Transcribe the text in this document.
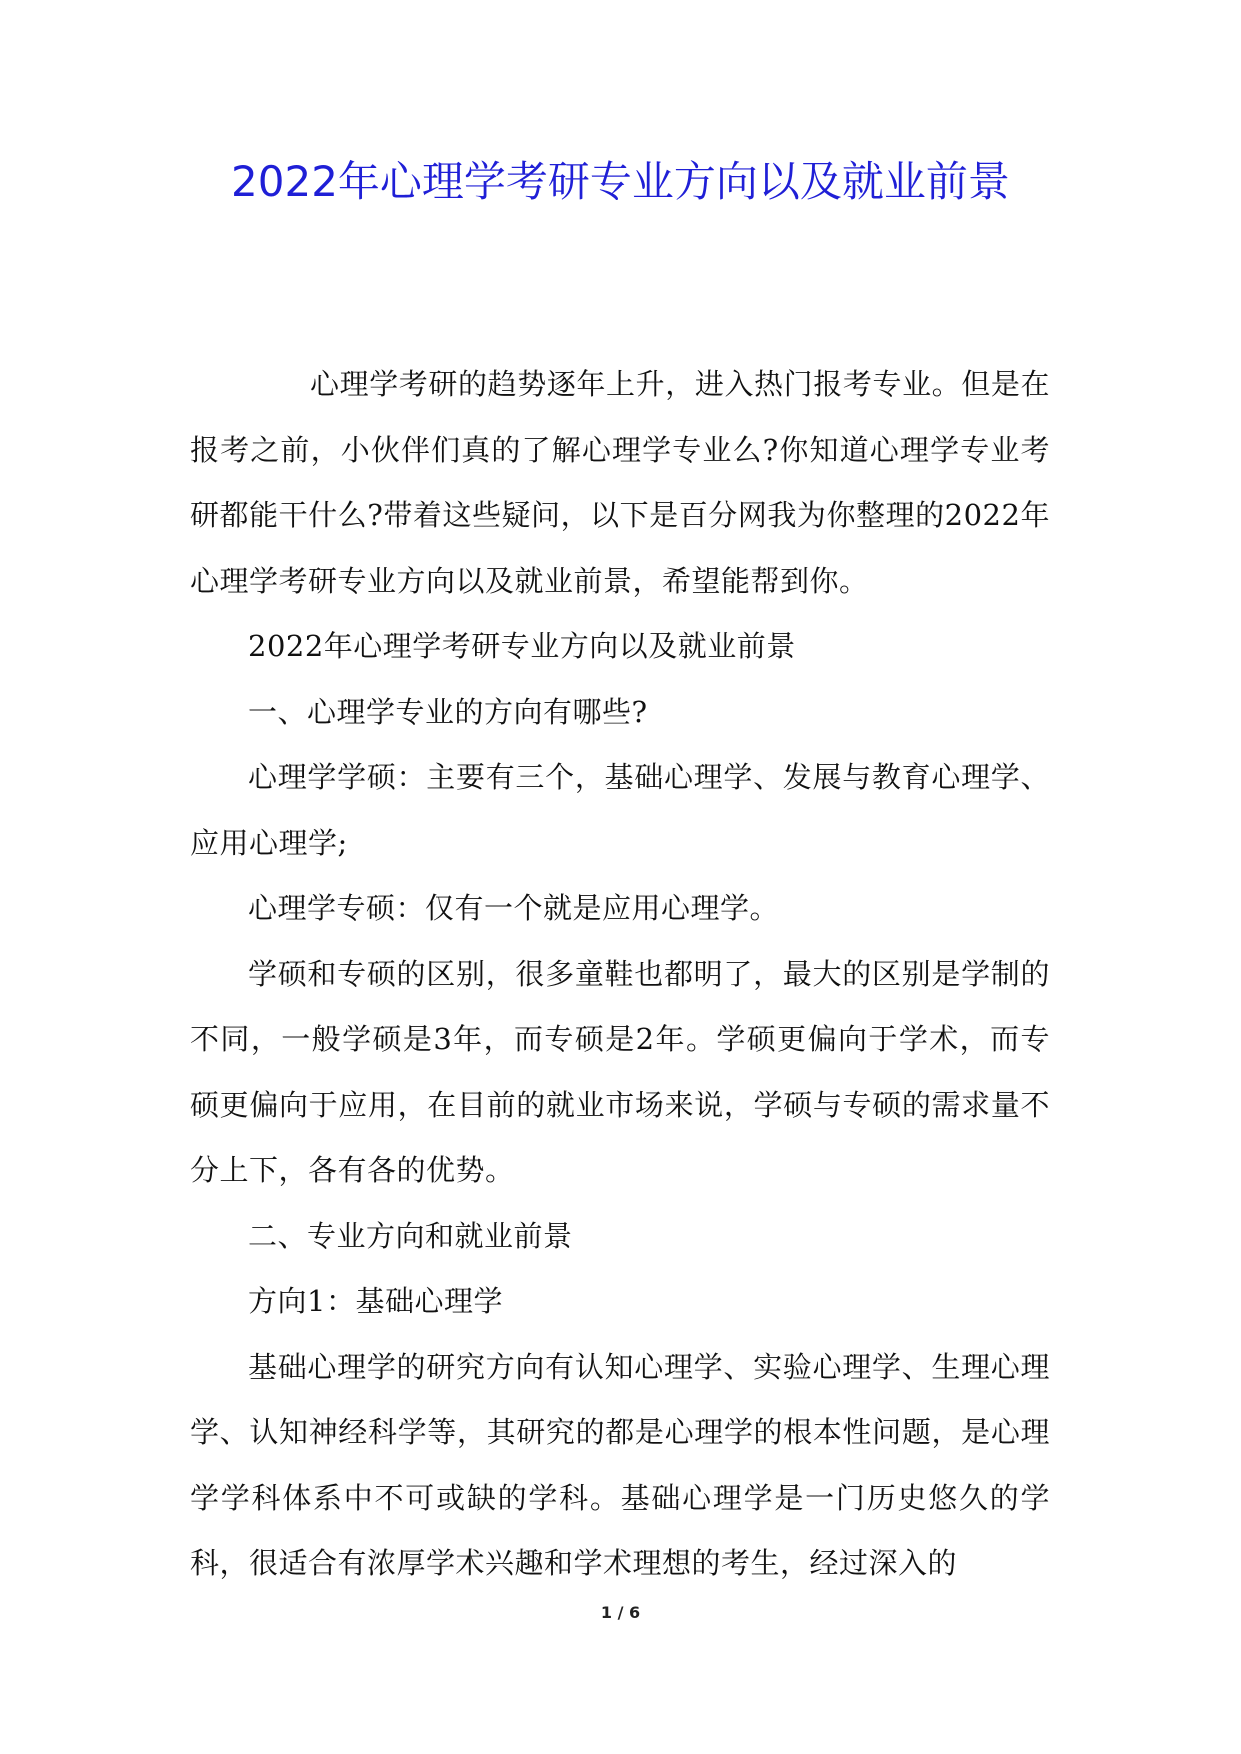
2022年心理学考研专业方向以及就业前景

心理学考研的趋势逐年上升，进入热门报考专业。但是在报考之前，小伙伴们真的了解心理学专业么?你知道心理学专业考研都能干什么?带着这些疑问，以下是百分网我为你整理的2022年心理学考研专业方向以及就业前景，希望能帮到你。

2022年心理学考研专业方向以及就业前景

一、心理学专业的方向有哪些?

心理学学硕：主要有三个，基础心理学、发展与教育心理学、应用心理学;

心理学专硕：仅有一个就是应用心理学。

学硕和专硕的区别，很多童鞋也都明了，最大的区别是学制的不同，一般学硕是3年，而专硕是2年。学硕更偏向于学术，而专硕更偏向于应用，在目前的就业市场来说，学硕与专硕的需求量不分上下，各有各的优势。

二、专业方向和就业前景

方向1：基础心理学

基础心理学的研究方向有认知心理学、实验心理学、生理心理学、认知神经科学等，其研究的都是心理学的根本性问题，是心理学学科体系中不可或缺的学科。基础心理学是一门历史悠久的学科，很适合有浓厚学术兴趣和学术理想的考生，经过深入的

1 / 6
